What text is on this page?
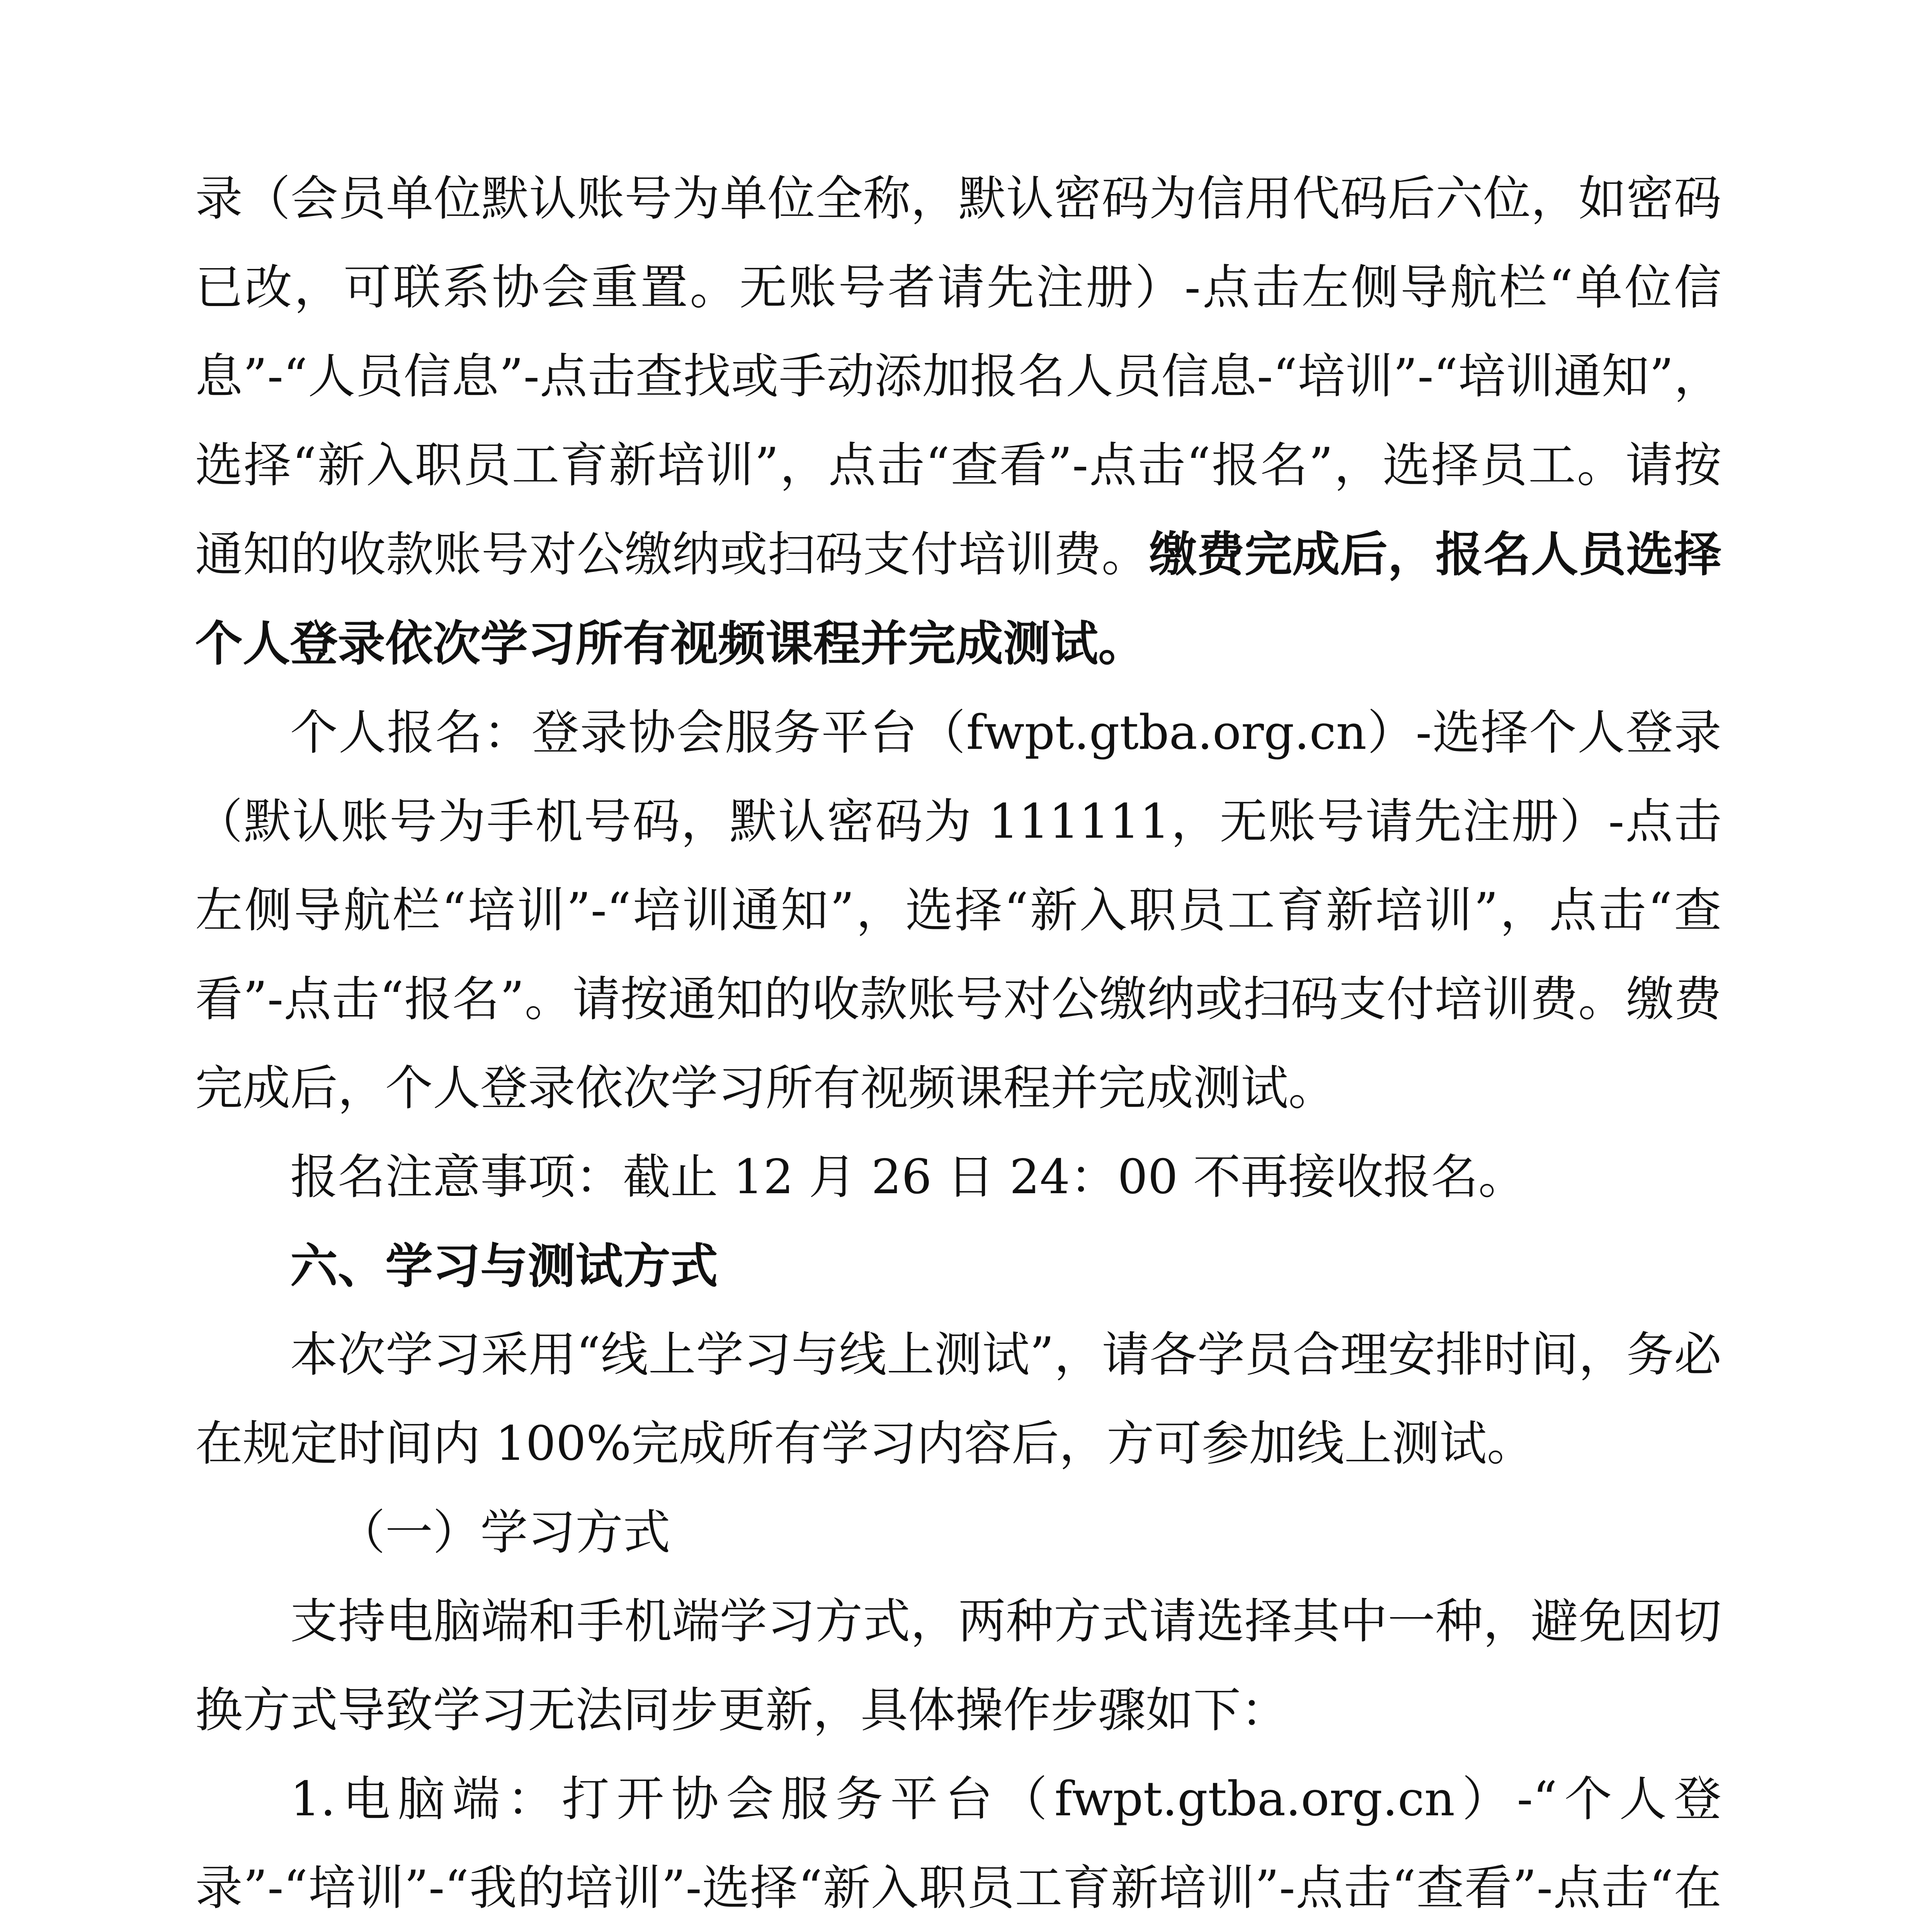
录（会员单位默认账号为单位全称，默认密码为信用代码后六位，如密码已改，可联系协会重置。无账号者请先注册）-点击左侧导航栏“单位信息”-“人员信息”-点击查找或手动添加报名人员信息-“培训”-“培训通知”，选择“新入职员工育新培训”，点击“查看”-点击“报名”，选择员工。请按通知的收款账号对公缴纳或扫码支付培训费。缴费完成后，报名人员选择个人登录依次学习所有视频课程并完成测试。

个人报名：登录协会服务平台（fwpt.gtba.org.cn）-选择个人登录（默认账号为手机号码，默认密码为 111111，无账号请先注册）-点击左侧导航栏“培训”-“培训通知”，选择“新入职员工育新培训”，点击“查看”-点击“报名”。请按通知的收款账号对公缴纳或扫码支付培训费。缴费完成后，个人登录依次学习所有视频课程并完成测试。

报名注意事项：截止 12 月 26 日 24：00 不再接收报名。

六、学习与测试方式

本次学习采用“线上学习与线上测试”，请各学员合理安排时间，务必在规定时间内 100%完成所有学习内容后，方可参加线上测试。

（一）学习方式

支持电脑端和手机端学习方式，两种方式请选择其中一种，避免因切换方式导致学习无法同步更新，具体操作步骤如下：

1.电脑端：打开协会服务平台（fwpt.gtba.org.cn）-“个人登录”-“培训”-“我的培训”-选择“新入职员工育新培训”-点击“查看”-点击“在
